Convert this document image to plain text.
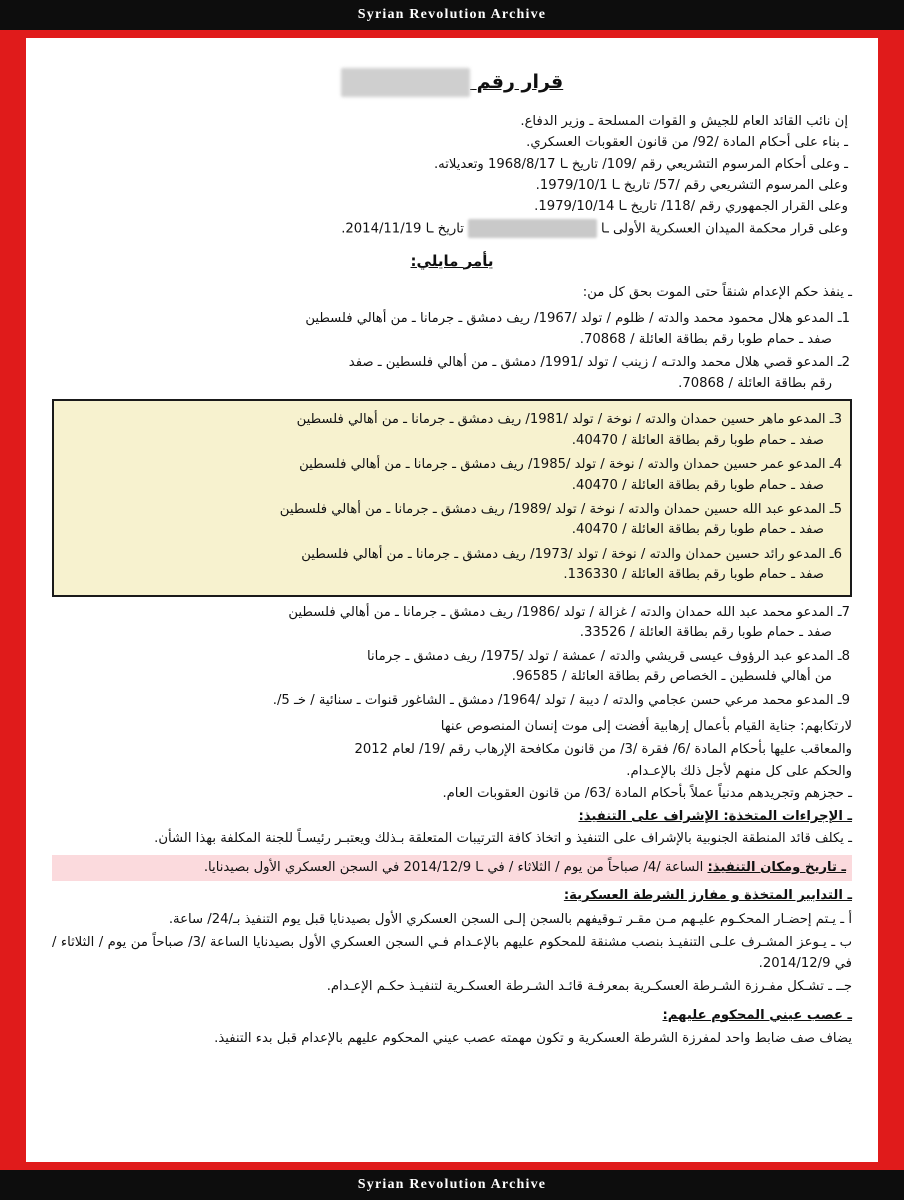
Syrian Revolution Archive
قرار رقم

إن نائب القائد العام للجيش و القوات المسلحة ـ وزير الدفاع.

ـ بناء على أحكام المادة /92/ من قانون العقوبات العسكري.

ـ وعلى أحكام المرسوم التشريعي رقم /109/ تاريخ ـا 1968/8/17 وتعديلاته.

وعلى المرسوم التشريعي رقم /57/ تاريخ ـا 1979/10/1.

وعلى القرار الجمهوري رقم /118/ تاريخ ـا 1979/10/14.

وعلى قرار محكمة الميدان العسكرية الأولى ـا  تاريخ ـا 2014/11/19.

يأمر مايلي:
ـ ينفذ حكم الإعدام شنقاً حتى الموت بحق كل من:
1ـ المدعو هلال محمود محمد والدته / ظلوم / تولد /1967/ ريف دمشق ـ جرمانا ـ من أهالي فلسطين
صفد ـ حمام طوبا رقم بطاقة العائلة / 70868.
2ـ المدعو قصي هلال محمد والدتـه / زينب / تولد /1991/ دمشق ـ من أهالي فلسطين ـ صفد
رقم بطاقة العائلة / 70868.
3ـ المدعو ماهر حسين حمدان والدته / نوخة / تولد /1981/ ريف دمشق ـ جرمانا ـ من أهالي فلسطين
صفد ـ حمام طوبا رقم بطاقة العائلة / 40470.
4ـ المدعو عمر حسين حمدان والدته / نوخة / تولد /1985/ ريف دمشق ـ جرمانا ـ من أهالي فلسطين
صفد ـ حمام طوبا رقم بطاقة العائلة / 40470.
5ـ المدعو عبد الله حسين حمدان والدته / نوخة / تولد /1989/ ريف دمشق ـ جرمانا ـ من أهالي فلسطين
صفد ـ حمام طوبا رقم بطاقة العائلة / 40470.
6ـ المدعو رائد حسين حمدان والدته / نوخة / تولد /1973/ ريف دمشق ـ جرمانا ـ من أهالي فلسطين
صفد ـ حمام طوبا رقم بطاقة العائلة / 136330.
7ـ المدعو محمد عبد الله حمدان والدته / غزالة / تولد /1986/ ريف دمشق ـ جرمانا ـ من أهالي فلسطين
صفد ـ حمام طوبا رقم بطاقة العائلة / 33526.
8ـ المدعو عبد الرؤوف عيسى قريشي والدته / عمشة / تولد /1975/ ريف دمشق ـ جرمانا
من أهالي فلسطين ـ الخصاص رقم بطاقة العائلة / 96585.
9ـ المدعو محمد مرعي حسن عجامي والدته / ديبة / تولد /1964/ دمشق ـ الشاغور قنوات ـ سنائية / خـ 5/.

لارتكابهم: جناية القيام بأعمال إرهابية أفضت إلى موت إنسان المنصوص عنها

والمعاقب عليها بأحكام المادة /6/ فقرة /3/ من قانون مكافحة الإرهاب رقم /19/ لعام 2012

والحكم على كل منهم لأجل ذلك بالإعـدام.

ـ حجزهم وتجريدهم مدنياً عملاً بأحكام المادة /63/ من قانون العقوبات العام.

ـ الإجراءات المتخذة: الإشراف على التنفيذ:

ـ يكلف قائد المنطقة الجنوبية بالإشراف على التنفيذ و اتخاذ كافة الترتيبات المتعلقة بـذلك ويعتبـر رئيسـاً للجنة المكلفة بهذا الشأن.

ـ تاريخ ومكان التنفيذ: الساعة /4/ صباحاً من يوم / الثلاثاء / في ـا 2014/12/9 في السجن العسكري الأول بصيدنايا.
ـ التدابير المتخذة و مفارز الشرطة العسكرية:

أ ـ يـتم إحضـار المحكـوم عليـهم مـن مقـر تـوقيفهم بالسجن إلـى السجن العسكري الأول بصيدنايا قبل يوم التنفيذ بـ/24/ ساعة.

ب ـ يـوعز المشـرف علـى التنفيـذ بنصب مشنقة للمحكوم عليهم بالإعـدام فـي السجن العسكري الأول بصيدنايا الساعة /3/ صباحاً من يوم / الثلاثاء / في 2014/12/9.

جــ ـ تشـكل مفـرزة الشـرطة العسكـرية بمعرفـة قائـد الشـرطة العسكـرية لتنفيـذ حكـم الإعـدام.

ـ عصب عيني المحكوم عليهم:
يضاف صف ضابط واحد لمفرزة الشرطة العسكرية و تكون مهمته عصب عيني المحكوم عليهم بالإعدام قبل بدء التنفيذ.
Syrian Revolution Archive
